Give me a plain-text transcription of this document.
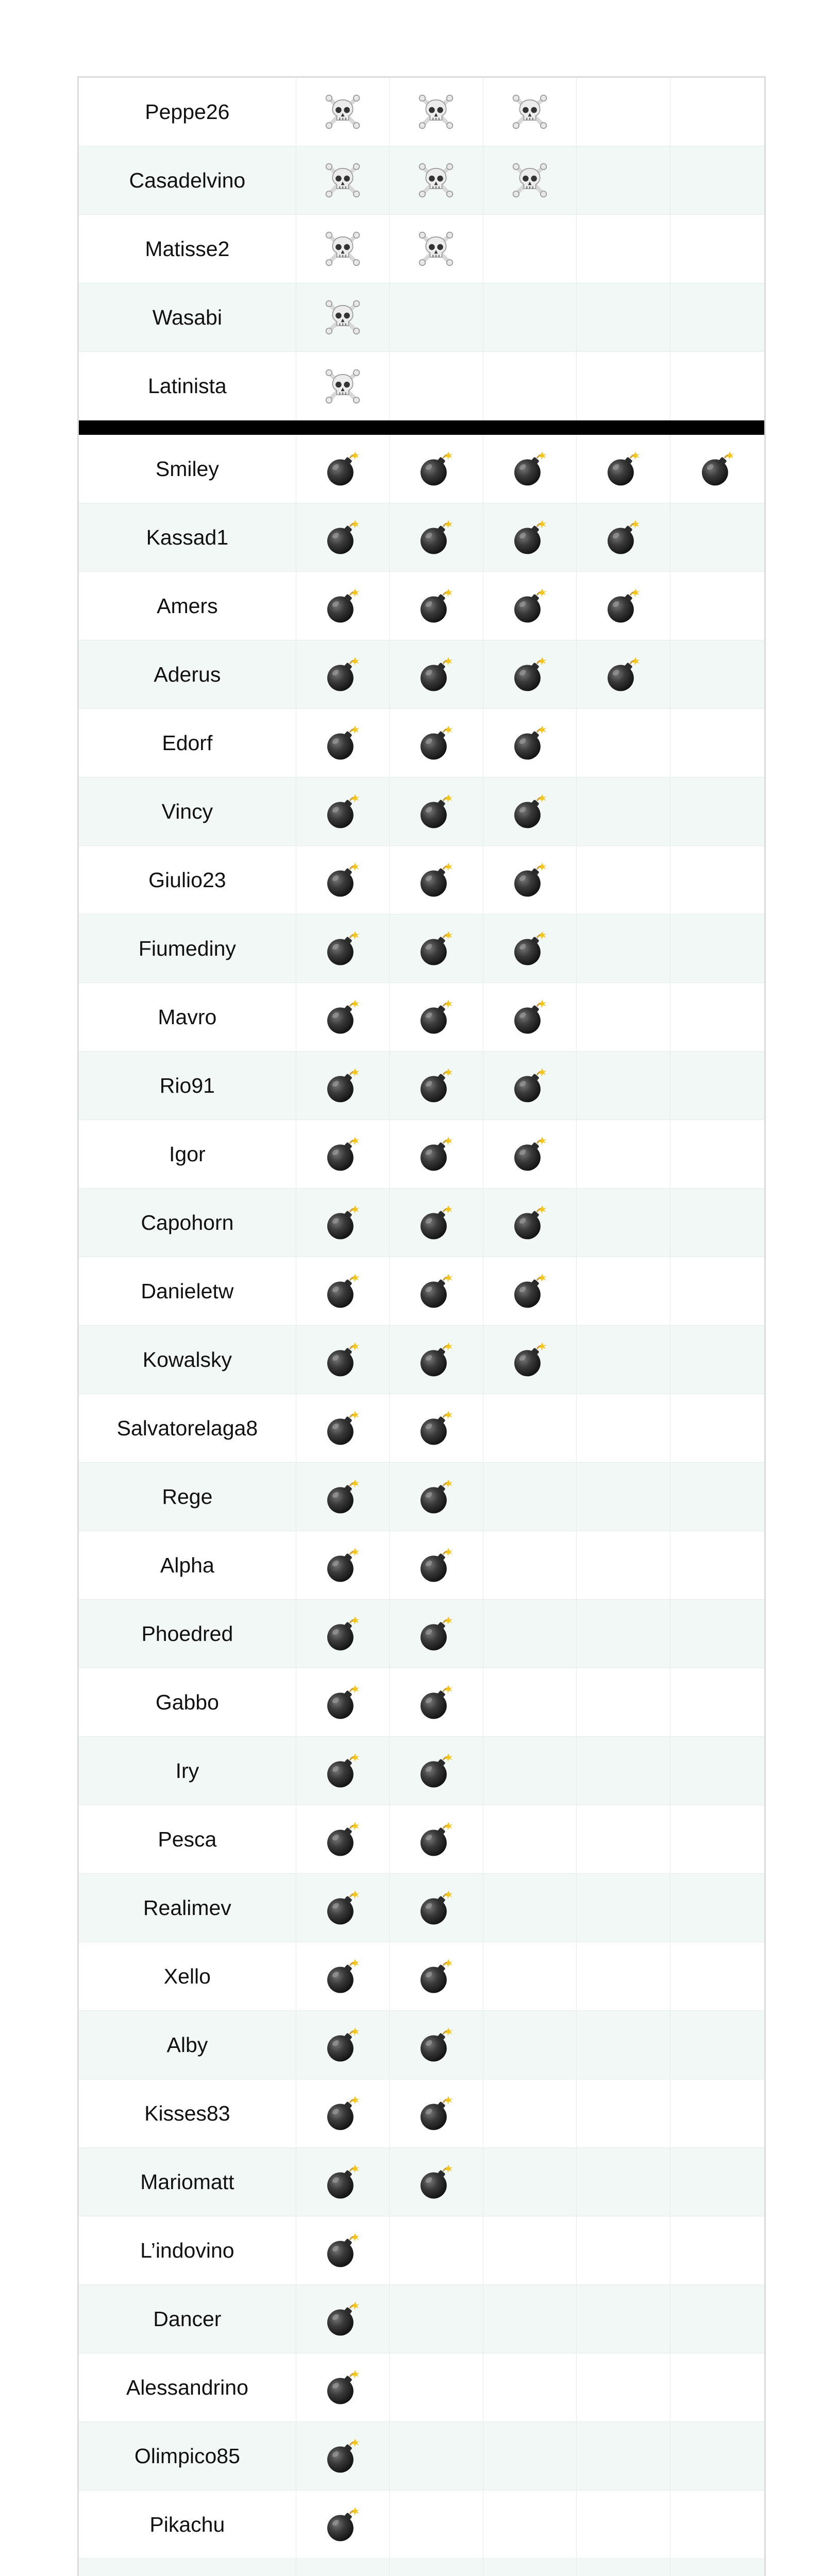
Peppe26
Casadelvino
Matisse2
Wasabi
Latinista
Smiley
Kassad1
Amers
Aderus
Edorf
Vincy
Giulio23
Fiumediny
Mavro
Rio91
Igor
Capohorn
Danieletw
Kowalsky
Salvatorelaga8
Rege
Alpha
Phoedred
Gabbo
Iry
Pesca
Realimev
Xello
Alby
Kisses83
Mariomatt
L’indovino
Dancer
Alessandrino
Olimpico85
Pikachu
